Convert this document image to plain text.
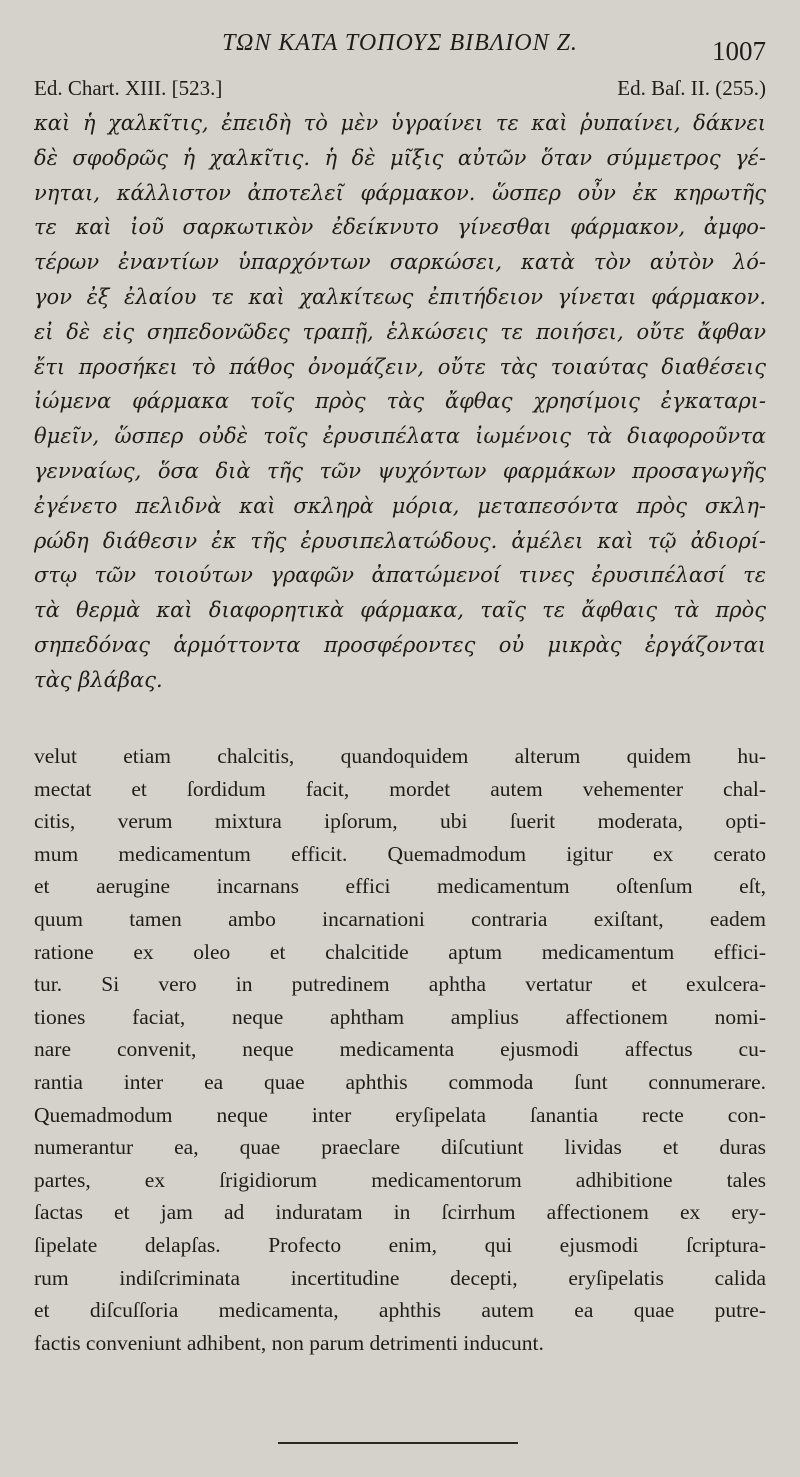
ΤΩΝ ΚΑΤΑ ΤΟΠΟΥΣ ΒΙΒΛΙΟΝ Ζ.	1007
Ed. Chart. XIII. [523.]	Ed. Baſ. II. (255.)
καὶ ἡ χαλκῖτις, ἐπειδὴ τὸ μὲν ὑγραίνει τε καὶ ῥυπαίνει, δάκνει
δὲ σφοδρῶς ἡ χαλκῖτις. ἡ δὲ μῖξις αὐτῶν ὅταν σύμμετρος γέ-
νηται, κάλλιστον ἀποτελεῖ φάρμακον. ὥσπερ οὖν ἐκ κηρωτῆς
τε καὶ ἰοῦ σαρκωτικὸν ἐδείκνυτο γίνεσθαι φάρμακον, ἀμφο-
τέρων ἐναντίων ὑπαρχόντων σαρκώσει, κατὰ τὸν αὐτὸν λό-
γον ἐξ ἐλαίου τε καὶ χαλκίτεως ἐπιτήδειον γίνεται φάρμακον.
εἰ δὲ εἰς σηπεδονῶδες τραπῇ, ἑλκώσεις τε ποιήσει, οὔτε ἄφθαν
ἔτι προσήκει τὸ πάθος ὀνομάζειν, οὔτε τὰς τοιαύτας διαθέσεις
ἰώμενα φάρμακα τοῖς πρὸς τὰς ἄφθας χρησίμοις ἐγκαταρι-
θμεῖν, ὥσπερ οὐδὲ τοῖς ἐρυσιπέλατα ἰωμένοις τὰ διαφοροῦντα
γενναίως, ὅσα διὰ τῆς τῶν ψυχόντων φαρμάκων προσαγωγῆς
ἐγένετο πελιδνὰ καὶ σκληρὰ μόρια, μεταπεσόντα πρὸς σκλη-
ρώδη διάθεσιν ἐκ τῆς ἐρυσιπελατώδους. ἀμέλει καὶ τῷ ἀδιορί-
στῳ τῶν τοιούτων γραφῶν ἀπατώμενοί τινες ἐρυσιπέλασί τε
τὰ θερμὰ καὶ διαφορητικὰ φάρμακα, ταῖς τε ἄφθαις τὰ πρὸς
σηπεδόνας ἁρμόττοντα προσφέροντες οὐ μικρὰς ἐργάζονται
τὰς βλάβας.
velut etiam chalcitis, quandoquidem alterum quidem hu-
mectat et ſordidum facit, mordet autem vehementer chal-
citis, verum mixtura ipſorum, ubi ſuerit moderata, opti-
mum medicamentum efficit. Quemadmodum igitur ex cerato
et aerugine incarnans effici medicamentum oſtenſum eſt,
quum tamen ambo incarnationi contraria exiſtant, eadem
ratione ex oleo et chalcitide aptum medicamentum effici-
tur. Si vero in putredinem aphtha vertatur et exulcera-
tiones faciat, neque aphtham amplius affectionem nomi-
nare convenit, neque medicamenta ejusmodi affectus cu-
rantia inter ea quae aphthis commoda ſunt connumerare.
Quemadmodum neque inter eryſipelata ſanantia recte con-
numerantur ea, quae praeclare diſcutiunt lividas et duras
partes, ex ſrigidiorum medicamentorum adhibitione tales
ſactas et jam ad induratam in ſcirrhum affectionem ex ery-
ſipelate delapſas. Profecto enim, qui ejusmodi ſcriptura-
rum indiſcriminata incertitudine decepti, eryſipelatis calida
et diſcuſſoria medicamenta, aphthis autem ea quae putre-
factis conveniunt adhibent, non parum detrimenti inducunt.
